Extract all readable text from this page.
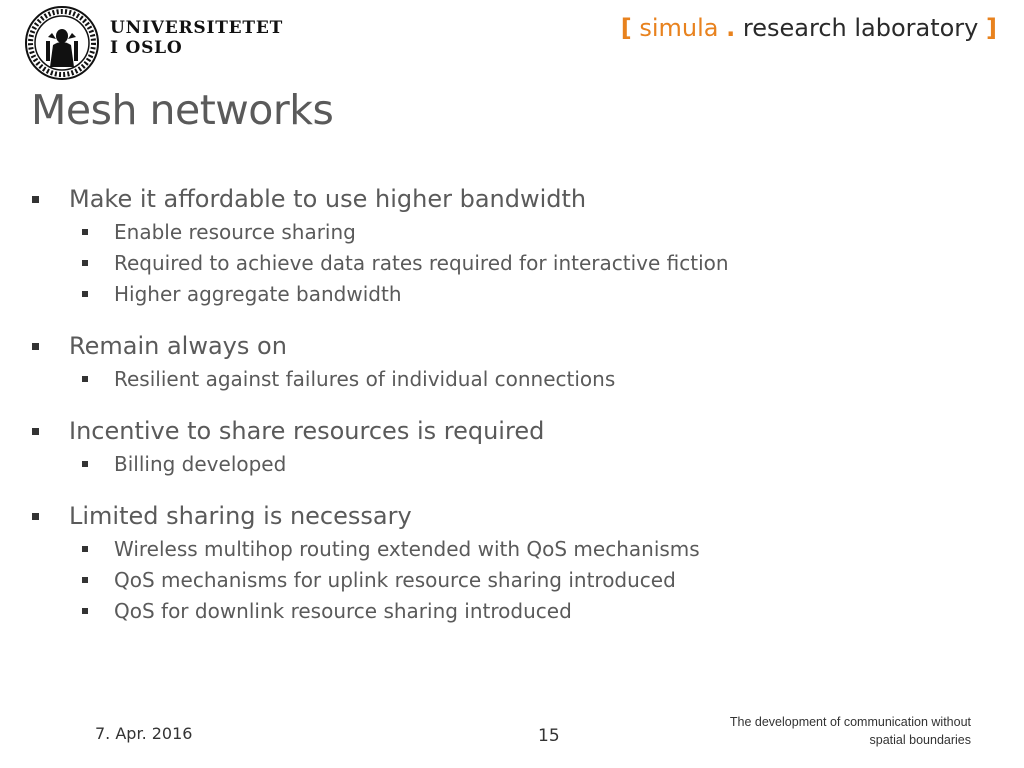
UNIVERSITETET
I OSLO
[ simula . research laboratory ]
Mesh networks
Make it affordable to use higher bandwidth
Enable resource sharing
Required to achieve data rates required for interactive fiction
Higher aggregate bandwidth
Remain always on
Resilient against failures of individual connections
Incentive to share resources is required
Billing developed
Limited sharing is necessary
Wireless multihop routing extended with QoS mechanisms
QoS mechanisms for uplink resource sharing introduced
QoS for downlink resource sharing introduced
7. Apr. 2016	15
The development of communication without
spatial boundaries
